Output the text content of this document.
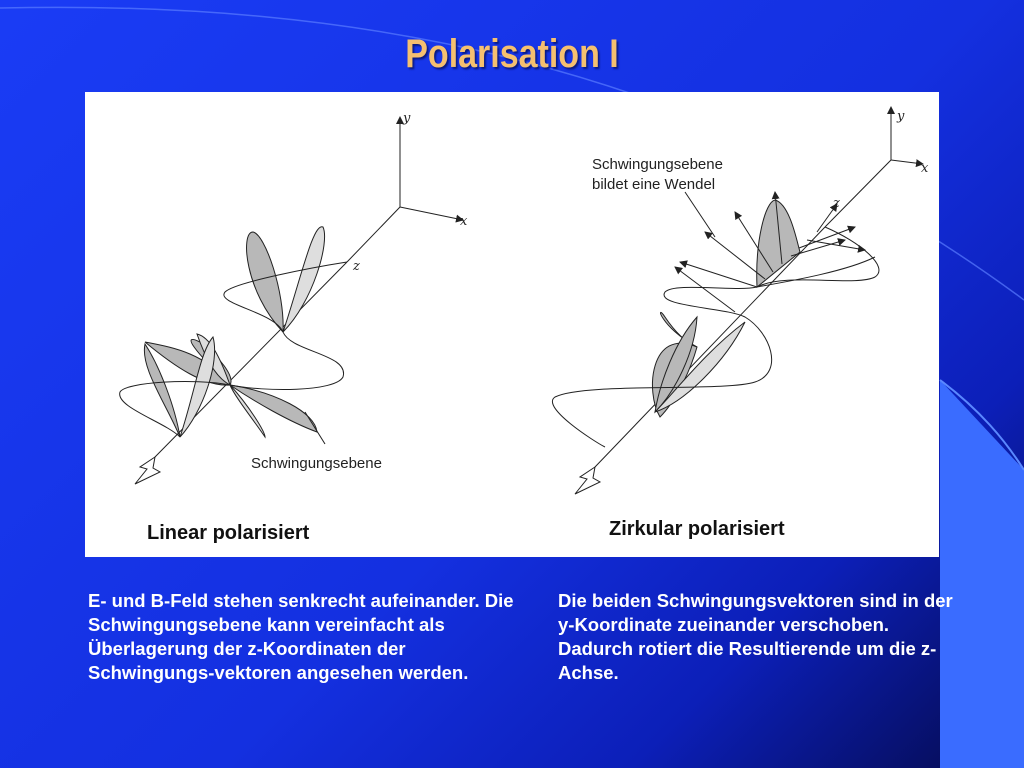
Polarisation I
y
x
z
Schwingungsebene
Linear polarisiert
y
x
z
Schwingungsebene
bildet eine Wendel
Zirkular polarisiert
E- und B-Feld stehen senkrecht aufeinander. Die Schwingungsebene kann vereinfacht als Überlagerung der z-Koordinaten der Schwingungs-vektoren angesehen werden.
Die beiden Schwingungsvektoren sind in der y-Koordinate zueinander verschoben. Dadurch rotiert die Resultierende um die z-Achse.
